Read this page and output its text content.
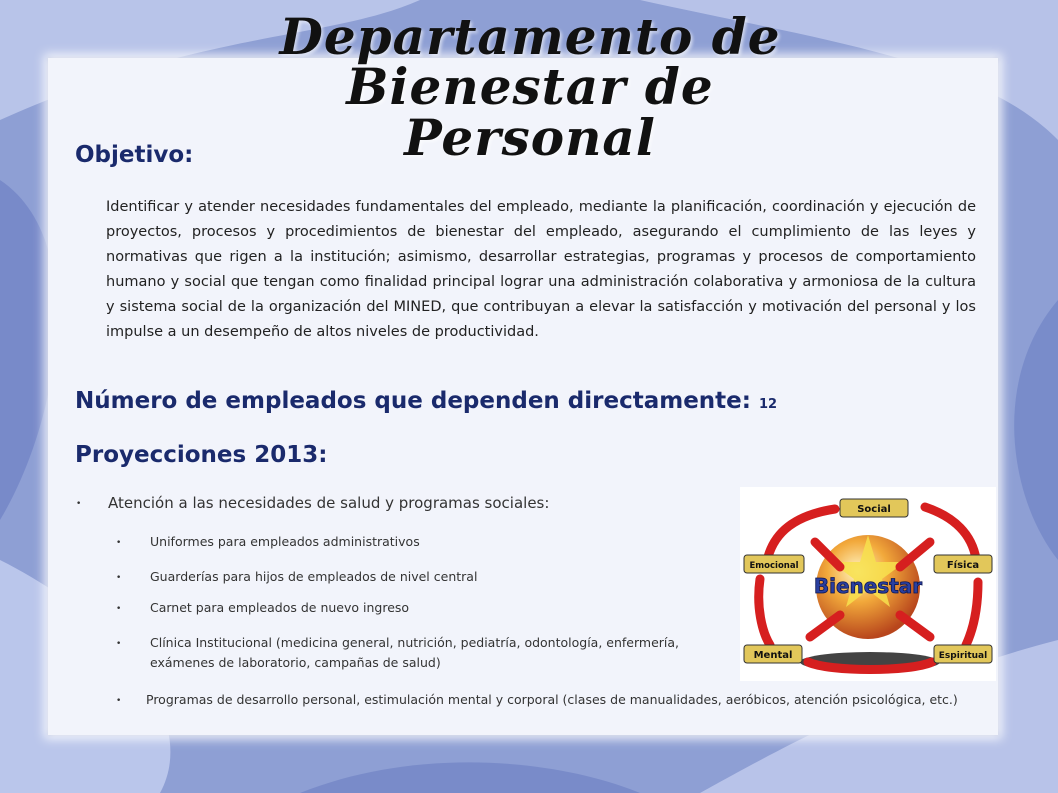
Departamento de Bienestar de
Personal
Objetivo:

Identificar y atender necesidades fundamentales del empleado, mediante la planificación, coordinación y ejecución de proyectos, procesos y procedimientos de bienestar del empleado, asegurando el cumplimiento de las leyes y normativas que rigen a la institución; asimismo, desarrollar estrategias, programas y procesos de comportamiento humano y social que tengan como finalidad principal lograr una administración colaborativa y armoniosa de la cultura y sistema social de la organización del MINED, que contribuyan a elevar la satisfacción y motivación del personal y los impulse a un desempeño de altos niveles de productividad.

Número de empleados que dependen directamente: 12
Proyecciones 2013:
• Atención a las necesidades de salud y programas sociales:
• Uniformes para empleados administrativos
• Guarderías para hijos de empleados de nivel central
• Carnet para empleados de nuevo ingreso
• Clínica Institucional (medicina general, nutrición, pediatría, odontología, enfermería,
exámenes de laboratorio, campañas de salud)
• Programas de desarrollo personal, estimulación mental y corporal (clases de manualidades, aeróbicos, atención psicológica, etc.)
Social
Física
Espiritual
Mental
Emocional
Bienestar
